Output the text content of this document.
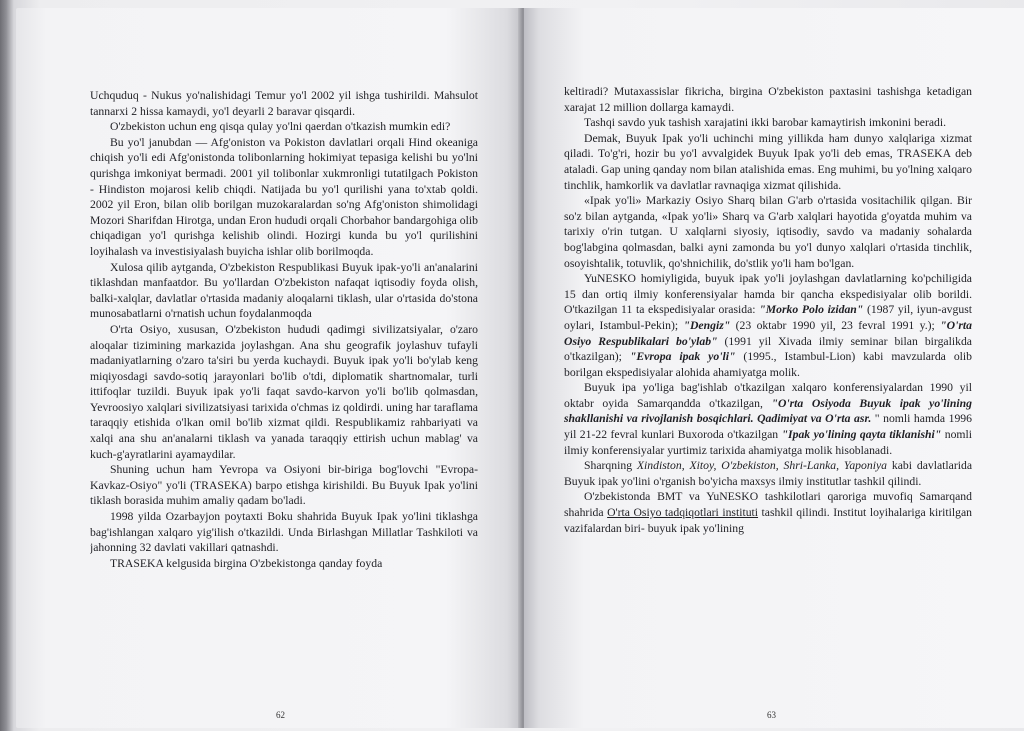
Uchquduq - Nukus yo'nalishidagi Temur yo'l 2002 yil ishga tushirildi. Mahsulot tannarxi 2 hissa kamaydi, yo'l deyarli 2 baravar qisqardi.

O'zbekiston uchun eng qisqa qulay yo'lni qaerdan o'tkazish mumkin edi?

Bu yo'l janubdan — Afg'oniston va Pokiston davlatlari orqali Hind okeaniga chiqish yo'li edi Afg'onistonda tolibonlarning hokimiyat tepasiga kelishi bu yo'lni qurishga imkoniyat bermadi. 2001 yil tolibonlar xukmronligi tutatilgach Pokiston - Hindiston mojarosi kelib chiqdi. Natijada bu yo'l qurilishi yana to'xtab qoldi. 2002 yil Eron, bilan olib borilgan muzokaralardan so'ng Afg'oniston shimolidagi Mozori Sharifdan Hirotga, undan Eron hududi orqali Chorbahor bandargohiga olib chiqadigan yo'l qurishga kelishib olindi. Hozirgi kunda bu yo'l qurilishini loyihalash va investisiyalash buyicha ishlar olib borilmoqda.

Xulosa qilib aytganda, O'zbekiston Respublikasi Buyuk ipak-yo'li an'analarini tiklashdan manfaatdor. Bu yo'llardan O'zbekiston nafaqat iqtisodiy foyda olish, balki-xalqlar, davlatlar o'rtasida madaniy aloqalarni tiklash, ular o'rtasida do'stona munosabatlarni o'rnatish uchun foydalanmoqda

O'rta Osiyo, xususan, O'zbekiston hududi qadimgi sivilizatsiyalar, o'zaro aloqalar tizimining markazida joylashgan. Ana shu geografik joylashuv tufayli madaniyatlarning o'zaro ta'siri bu yerda kuchaydi. Buyuk ipak yo'li bo'ylab keng miqiyosdagi savdo-sotiq jarayonlari bo'lib o'tdi, diplomatik shartnomalar, turli ittifoqlar tuzildi. Buyuk ipak yo'li faqat savdo-karvon yo'li bo'lib qolmasdan, Yevroosiyo xalqlari sivilizatsiyasi tarixida o'chmas iz qoldirdi. uning har taraflama taraqqiy etishida o'lkan omil bo'lib xizmat qildi. Respublikamiz rahbariyati va xalqi ana shu an'analarni tiklash va yanada taraqqiy ettirish uchun mablag' va kuch-g'ayratlarini ayamaydilar.

Shuning uchun ham Yevropa va Osiyoni bir-biriga bog'lovchi "Evropa-Kavkaz-Osiyo" yo'li (TRASEKA) barpo etishga kirishildi. Bu Buyuk Ipak yo'lini tiklash borasida muhim amaliy qadam bo'ladi.

1998 yilda Ozarbayjon poytaxti Boku shahrida Buyuk Ipak yo'lini tiklashga bag'ishlangan xalqaro yig'ilish o'tkazildi. Unda Birlashgan Millatlar Tashkiloti va jahonning 32 davlati vakillari qatnashdi.

TRASEKA kelgusida birgina O'zbekistonga qanday foyda

62

keltiradi? Mutaxassislar fikricha, birgina O'zbekiston paxtasini tashishga ketadigan xarajat 12 million dollarga kamaydi.

Tashqi savdo yuk tashish xarajatini ikki barobar kamaytirish imkonini beradi.

Demak, Buyuk Ipak yo'li uchinchi ming yillikda ham dunyo xalqlariga xizmat qiladi. To'g'ri, hozir bu yo'l avvalgidek Buyuk Ipak yo'li deb emas, TRASEKA deb ataladi. Gap uning qanday nom bilan atalishida emas. Eng muhimi, bu yo'lning xalqaro tinchlik, hamkorlik va davlatlar ravnaqiga xizmat qilishida.

«Ipak yo'li» Markaziy Osiyo Sharq bilan G'arb o'rtasida vositachilik qilgan. Bir so'z bilan aytganda, «Ipak yo'li» Sharq va G'arb xalqlari hayotida g'oyatda muhim va tarixiy o'rin tutgan. U xalqlarni siyosiy, iqtisodiy, savdo va madaniy sohalarda bog'labgina qolmasdan, balki ayni zamonda bu yo'l dunyo xalqlari o'rtasida tinchlik, osoyishtalik, totuvlik, qo'shnichilik, do'stlik yo'li ham bo'lgan.

YuNESKO homiyligida, buyuk ipak yo'li joylashgan davlatlarning ko'pchiligida 15 dan ortiq ilmiy konferensiyalar hamda bir qancha ekspedisiyalar olib borildi. O'tkazilgan 11 ta ekspedisiyalar orasida: "Morko Polo izidan" (1987 yil, iyun-avgust oylari, Istambul-Pekin); "Dengiz" (23 oktabr 1990 yil, 23 fevral 1991 y.); "O'rta Osiyo Respublikalari bo'ylab" (1991 yil Xivada ilmiy seminar bilan birgalikda o'tkazilgan); "Evropa ipak yo'li" (1995., Istambul-Lion) kabi mavzularda olib borilgan ekspedisiyalar alohida ahamiyatga molik.

Buyuk ipa yo'liga bag'ishlab o'tkazilgan xalqaro konferensiyalardan 1990 yil oktabr oyida Samarqandda o'tkazilgan, "O'rta Osiyoda Buyuk ipak yo'lining shakllanishi va rivojlanish bosqichlari. Qadimiyat va O'rta asr. " nomli hamda 1996 yil 21-22 fevral kunlari Buxoroda o'tkazilgan "Ipak yo'lining qayta tiklanishi" nomli ilmiy konferensiyalar yurtimiz tarixida ahamiyatga molik hisoblanadi.

Sharqning Xindiston, Xitoy, O'zbekiston, Shri-Lanka, Yaponiya kabi davlatlarida Buyuk ipak yo'lini o'rganish bo'yicha maxsys ilmiy institutlar tashkil qilindi.

O'zbekistonda BMT va YuNESKO tashkilotlari qaroriga muvofiq Samarqand shahrida O'rta Osiyo tadqiqotlari instituti tashkil qilindi. Institut loyihalariga kiritilgan vazifalardan biri- buyuk ipak yo'lining

63
